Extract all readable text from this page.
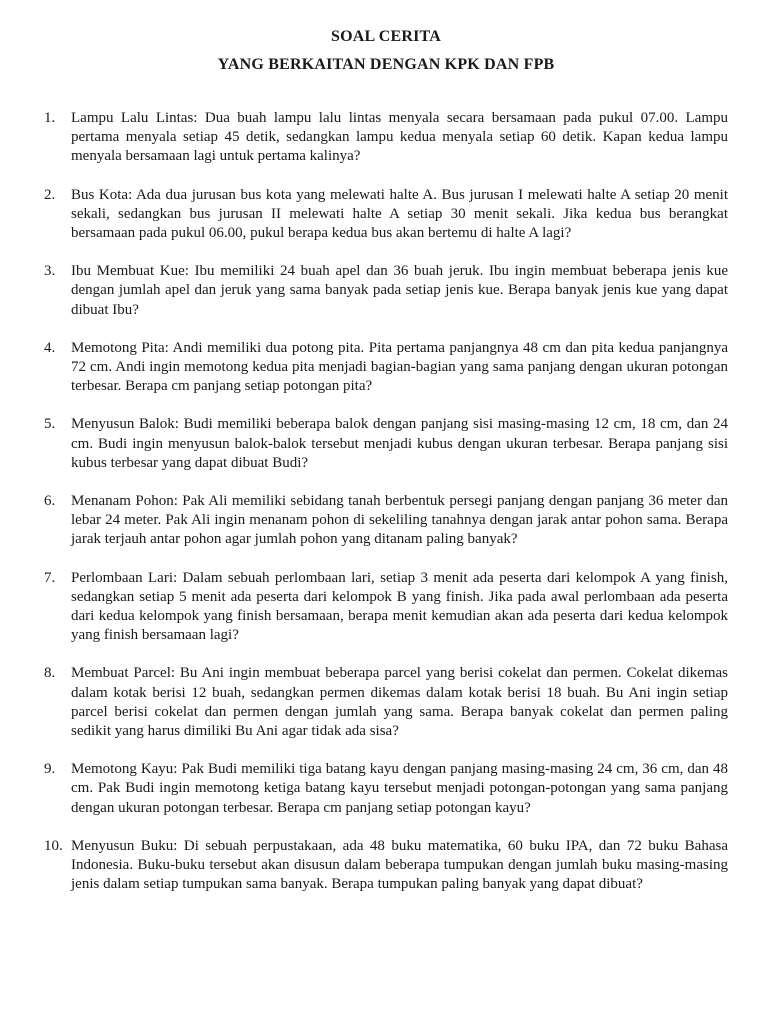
SOAL CERITA
YANG BERKAITAN DENGAN KPK DAN FPB
1.	Lampu Lalu Lintas: Dua buah lampu lalu lintas menyala secara bersamaan pada pukul 07.00. Lampu pertama menyala setiap 45 detik, sedangkan lampu kedua menyala setiap 60 detik. Kapan kedua lampu menyala bersamaan lagi untuk pertama kalinya?
2.	Bus Kota: Ada dua jurusan bus kota yang melewati halte A. Bus jurusan I melewati halte A setiap 20 menit sekali, sedangkan bus jurusan II melewati halte A setiap 30 menit sekali. Jika kedua bus berangkat bersamaan pada pukul 06.00, pukul berapa kedua bus akan bertemu di halte A lagi?
3.	Ibu Membuat Kue: Ibu memiliki 24 buah apel dan 36 buah jeruk. Ibu ingin membuat beberapa jenis kue dengan jumlah apel dan jeruk yang sama banyak pada setiap jenis kue. Berapa banyak jenis kue yang dapat dibuat Ibu?
4.	Memotong Pita: Andi memiliki dua potong pita. Pita pertama panjangnya 48 cm dan pita kedua panjangnya 72 cm. Andi ingin memotong kedua pita menjadi bagian-bagian yang sama panjang dengan ukuran potongan terbesar. Berapa cm panjang setiap potongan pita?
5.	Menyusun Balok: Budi memiliki beberapa balok dengan panjang sisi masing-masing 12 cm, 18 cm, dan 24 cm. Budi ingin menyusun balok-balok tersebut menjadi kubus dengan ukuran terbesar. Berapa panjang sisi kubus terbesar yang dapat dibuat Budi?
6.	Menanam Pohon: Pak Ali memiliki sebidang tanah berbentuk persegi panjang dengan panjang 36 meter dan lebar 24 meter. Pak Ali ingin menanam pohon di sekeliling tanahnya dengan jarak antar pohon sama. Berapa jarak terjauh antar pohon agar jumlah pohon yang ditanam paling banyak?
7.	Perlombaan Lari: Dalam sebuah perlombaan lari, setiap 3 menit ada peserta dari kelompok A yang finish, sedangkan setiap 5 menit ada peserta dari kelompok B yang finish. Jika pada awal perlombaan ada peserta dari kedua kelompok yang finish bersamaan, berapa menit kemudian akan ada peserta dari kedua kelompok yang finish bersamaan lagi?
8.	Membuat Parcel: Bu Ani ingin membuat beberapa parcel yang berisi cokelat dan permen. Cokelat dikemas dalam kotak berisi 12 buah, sedangkan permen dikemas dalam kotak berisi 18 buah. Bu Ani ingin setiap parcel berisi cokelat dan permen dengan jumlah yang sama. Berapa banyak cokelat dan permen paling sedikit yang harus dimiliki Bu Ani agar tidak ada sisa?
9.	Memotong Kayu: Pak Budi memiliki tiga batang kayu dengan panjang masing-masing 24 cm, 36 cm, dan 48 cm. Pak Budi ingin memotong ketiga batang kayu tersebut menjadi potongan-potongan yang sama panjang dengan ukuran potongan terbesar. Berapa cm panjang setiap potongan kayu?
10. Menyusun Buku: Di sebuah perpustakaan, ada 48 buku matematika, 60 buku IPA, dan 72 buku Bahasa Indonesia. Buku-buku tersebut akan disusun dalam beberapa tumpukan dengan jumlah buku masing-masing jenis dalam setiap tumpukan sama banyak. Berapa tumpukan paling banyak yang dapat dibuat?
